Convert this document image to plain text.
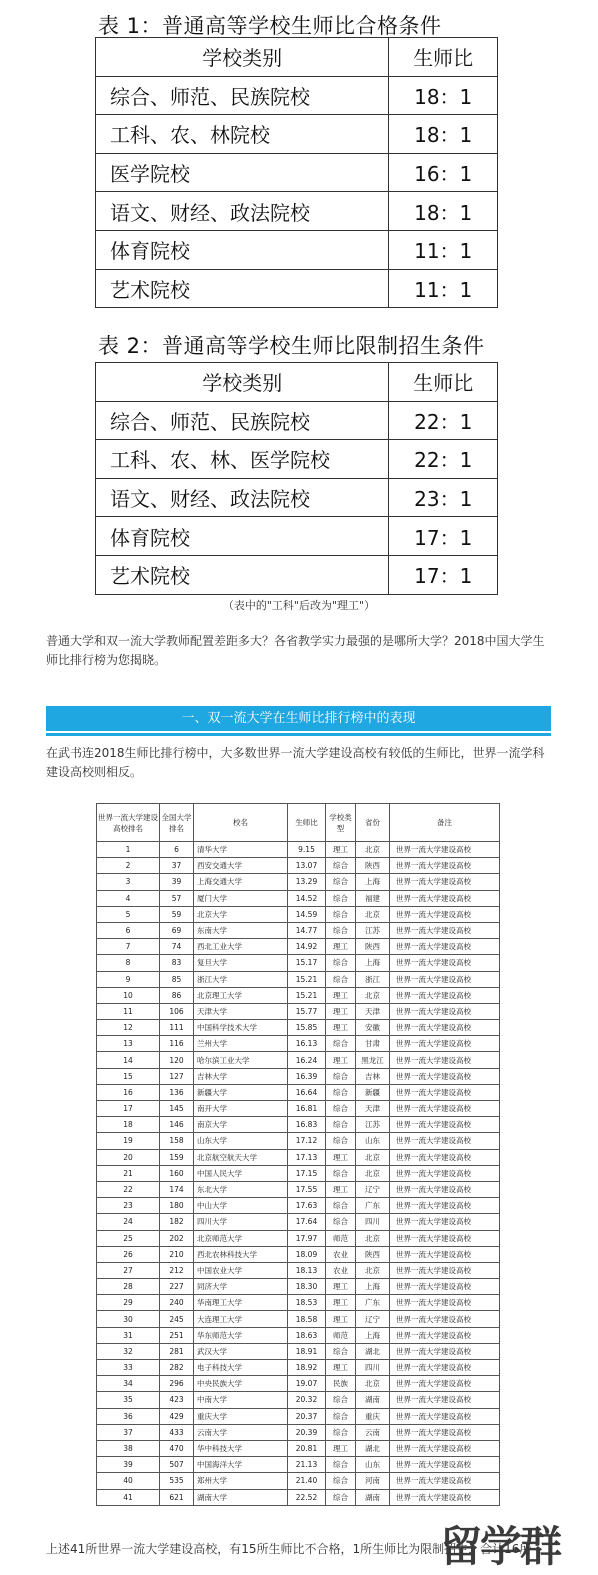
表 1：普通高等学校生师比合格条件
学校类别	生师比
综合、师范、民族院校	18：1
工科、农、林院校	18：1
医学院校	16：1
语文、财经、政法院校	18：1
体育院校	11：1
艺术院校	11：1
表 2：普通高等学校生师比限制招生条件
学校类别	生师比
综合、师范、民族院校	22：1
工科、农、林、医学院校	22：1
语文、财经、政法院校	23：1
体育院校	17：1
艺术院校	17：1
（表中的"工科"后改为"理工"）
普通大学和双一流大学教师配置差距多大？各省教学实力最强的是哪所大学？2018中国大学生师比排行榜为您揭晓。
一、双一流大学在生师比排行榜中的表现
在武书连2018生师比排行榜中，大多数世界一流大学建设高校有较低的生师比，世界一流学科建设高校则相反。
世界一流大学建设高校排名	全国大学排名	校名	生师比	学校类型	省份	备注
1	6	清华大学	9.15	理工	北京	世界一流大学建设高校
2	37	西安交通大学	13.07	综合	陕西	世界一流大学建设高校
3	39	上海交通大学	13.29	综合	上海	世界一流大学建设高校
4	57	厦门大学	14.52	综合	福建	世界一流大学建设高校
5	59	北京大学	14.59	综合	北京	世界一流大学建设高校
6	69	东南大学	14.77	综合	江苏	世界一流大学建设高校
7	74	西北工业大学	14.92	理工	陕西	世界一流大学建设高校
8	83	复旦大学	15.17	综合	上海	世界一流大学建设高校
9	85	浙江大学	15.21	综合	浙江	世界一流大学建设高校
10	86	北京理工大学	15.21	理工	北京	世界一流大学建设高校
11	106	天津大学	15.77	理工	天津	世界一流大学建设高校
12	111	中国科学技术大学	15.85	理工	安徽	世界一流大学建设高校
13	116	兰州大学	16.13	综合	甘肃	世界一流大学建设高校
14	120	哈尔滨工业大学	16.24	理工	黑龙江	世界一流大学建设高校
15	127	吉林大学	16.39	综合	吉林	世界一流大学建设高校
16	136	新疆大学	16.64	综合	新疆	世界一流大学建设高校
17	145	南开大学	16.81	综合	天津	世界一流大学建设高校
18	146	南京大学	16.83	综合	江苏	世界一流大学建设高校
19	158	山东大学	17.12	综合	山东	世界一流大学建设高校
20	159	北京航空航天大学	17.13	理工	北京	世界一流大学建设高校
21	160	中国人民大学	17.15	综合	北京	世界一流大学建设高校
22	174	东北大学	17.55	理工	辽宁	世界一流大学建设高校
23	180	中山大学	17.63	综合	广东	世界一流大学建设高校
24	182	四川大学	17.64	综合	四川	世界一流大学建设高校
25	202	北京师范大学	17.97	师范	北京	世界一流大学建设高校
26	210	西北农林科技大学	18.09	农业	陕西	世界一流大学建设高校
27	212	中国农业大学	18.13	农业	北京	世界一流大学建设高校
28	227	同济大学	18.30	理工	上海	世界一流大学建设高校
29	240	华南理工大学	18.53	理工	广东	世界一流大学建设高校
30	245	大连理工大学	18.58	理工	辽宁	世界一流大学建设高校
31	251	华东师范大学	18.63	师范	上海	世界一流大学建设高校
32	281	武汉大学	18.91	综合	湖北	世界一流大学建设高校
33	282	电子科技大学	18.92	理工	四川	世界一流大学建设高校
34	296	中央民族大学	19.07	民族	北京	世界一流大学建设高校
35	423	中南大学	20.32	综合	湖南	世界一流大学建设高校
36	429	重庆大学	20.37	综合	重庆	世界一流大学建设高校
37	433	云南大学	20.39	综合	云南	世界一流大学建设高校
38	470	华中科技大学	20.81	理工	湖北	世界一流大学建设高校
39	507	中国海洋大学	21.13	综合	山东	世界一流大学建设高校
40	535	郑州大学	21.40	综合	河南	世界一流大学建设高校
41	621	湖南大学	22.52	综合	湖南	世界一流大学建设高校
留学群
上述41所世界一流大学建设高校，有15所生师比不合格，1所生师比为限制招生，合计16所
